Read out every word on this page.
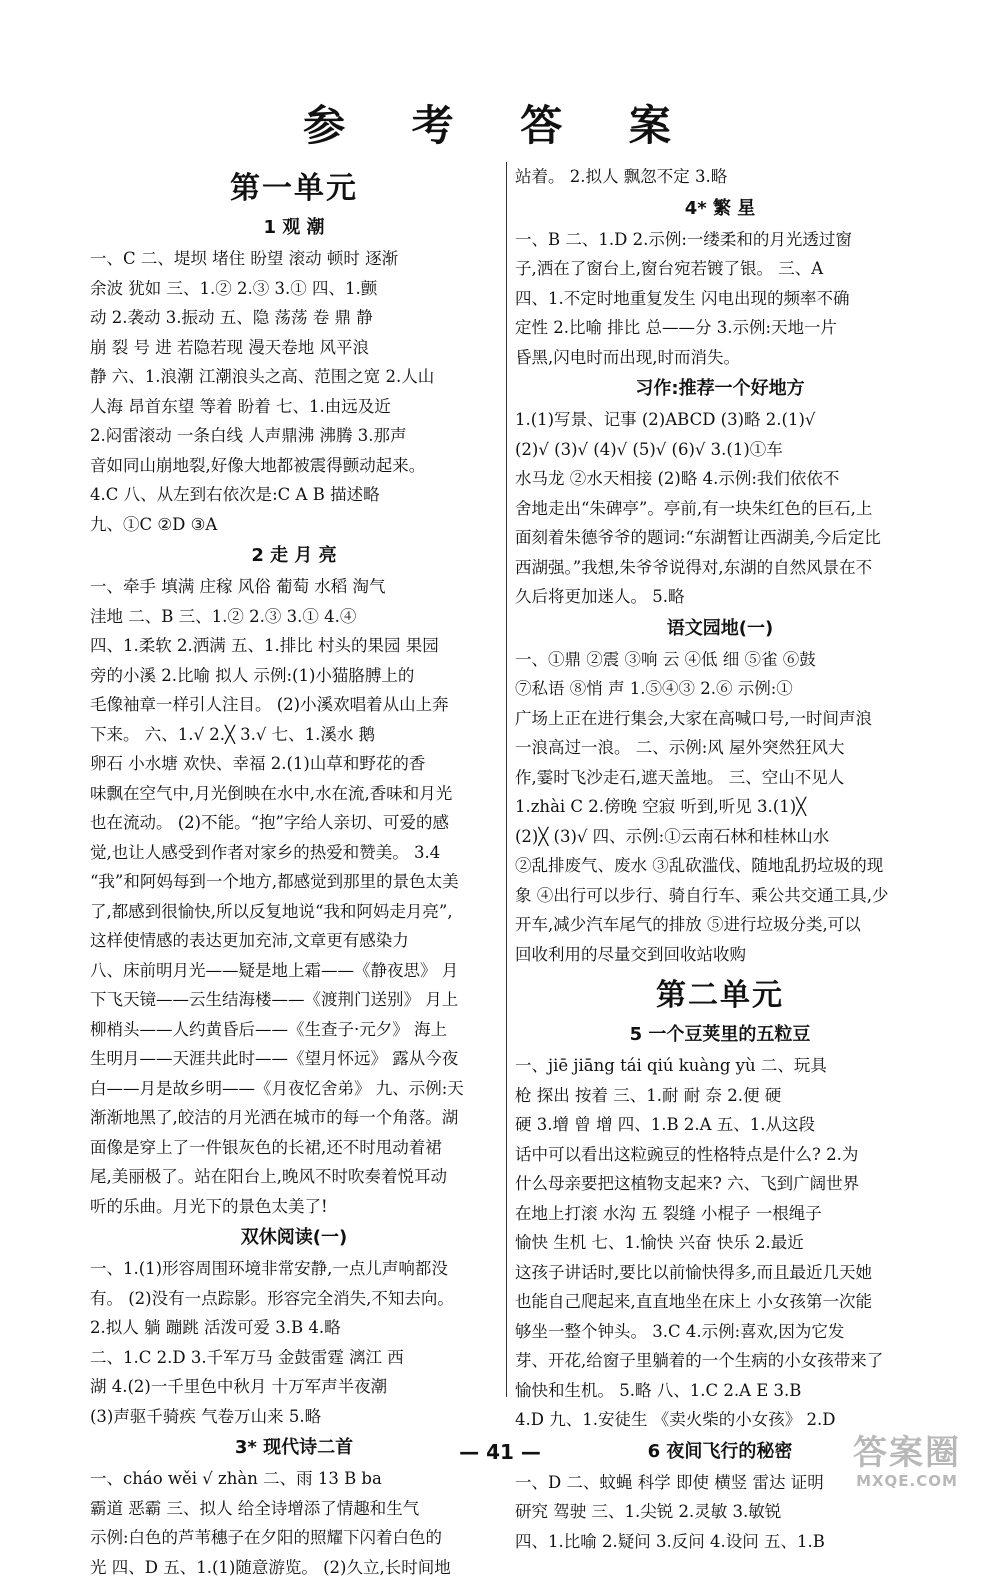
参 考 答 案
第一单元
1 观 潮
一、C 二、堤坝 堵住 盼望 滚动 顿时 逐渐
余波 犹如 三、1.② 2.③ 3.① 四、1.颤
动 2.袭动 3.振动 五、隐 荡荡 卷 鼎 静
崩 裂 号 进 若隐若现 漫天卷地 风平浪
静 六、1.浪潮 江潮浪头之高、范围之宽 2.人山
人海 昂首东望 等着 盼着 七、1.由远及近
2.闷雷滚动 一条白线 人声鼎沸 沸腾 3.那声
音如同山崩地裂,好像大地都被震得颤动起来。
4.C 八、从左到右依次是:C A B 描述略
九、①C ②D ③A
2 走 月 亮
一、牵手 填满 庄稼 风俗 葡萄 水稻 淘气
洼地 二、B 三、1.② 2.③ 3.① 4.④
四、1.柔软 2.洒满 五、1.排比 村头的果园 果园
旁的小溪 2.比喻 拟人 示例:(1)小猫胳膊上的
毛像袖章一样引人注目。 (2)小溪欢唱着从山上奔
下来。 六、1.√ 2.╳ 3.√ 七、1.溪水 鹅
卵石 小水塘 欢快、幸福 2.(1)山草和野花的香
味飘在空气中,月光倒映在水中,水在流,香味和月光
也在流动。 (2)不能。“抱”字给人亲切、可爱的感
觉,也让人感受到作者对家乡的热爱和赞美。 3.4
“我”和阿妈每到一个地方,都感觉到那里的景色太美
了,都感到很愉快,所以反复地说“我和阿妈走月亮”,
这样使情感的表达更加充沛,文章更有感染力
八、床前明月光——疑是地上霜——《静夜思》 月
下飞天镜——云生结海楼——《渡荆门送别》 月上
柳梢头——人约黄昏后——《生查子·元夕》 海上
生明月——天涯共此时——《望月怀远》 露从今夜
白——月是故乡明——《月夜忆舍弟》 九、示例:天
渐渐地黑了,皎洁的月光洒在城市的每一个角落。湖
面像是穿上了一件银灰色的长裙,还不时甩动着裙
尾,美丽极了。站在阳台上,晚风不时吹奏着悦耳动
听的乐曲。月光下的景色太美了!
双休阅读(一)
一、1.(1)形容周围环境非常安静,一点儿声响都没
有。 (2)没有一点踪影。形容完全消失,不知去向。
2.拟人 躺 蹦跳 活泼可爱 3.B 4.略
二、1.C 2.D 3.千军万马 金鼓雷霆 漓江 西
湖 4.(2)一千里色中秋月 十万军声半夜潮
(3)声驱千骑疾 气卷万山来 5.略
3* 现代诗二首
一、cháo wěi √ zhàn 二、雨 13 B ba
霸道 恶霸 三、拟人 给全诗增添了情趣和生气
示例:白色的芦苇穗子在夕阳的照耀下闪着白色的
光 四、D 五、1.(1)随意游览。 (2)久立,长时间地
站着。 2.拟人 飘忽不定 3.略
4* 繁 星
一、B 二、1.D 2.示例:一缕柔和的月光透过窗
子,洒在了窗台上,窗台宛若镀了银。 三、A
四、1.不定时地重复发生 闪电出现的频率不确
定性 2.比喻 排比 总——分 3.示例:天地一片
昏黑,闪电时而出现,时而消失。
习作:推荐一个好地方
1.(1)写景、记事 (2)ABCD (3)略 2.(1)√
(2)√ (3)√ (4)√ (5)√ (6)√ 3.(1)①车
水马龙 ②水天相接 (2)略 4.示例:我们依依不
舍地走出“朱碑亭”。亭前,有一块朱红色的巨石,上
面刻着朱德爷爷的题词:“东湖暂让西湖美,今后定比
西湖强。”我想,朱爷爷说得对,东湖的自然风景在不
久后将更加迷人。 5.略
语文园地(一)
一、①鼎 ②震 ③响 云 ④低 细 ⑤雀 ⑥鼓
⑦私语 ⑧悄 声 1.⑤④③ 2.⑥ 示例:①
广场上正在进行集会,大家在高喊口号,一时间声浪
一浪高过一浪。 二、示例:风 屋外突然狂风大
作,霎时飞沙走石,遮天盖地。 三、空山不见人
1.zhài C 2.傍晚 空寂 听到,听见 3.(1)╳
(2)╳ (3)√ 四、示例:①云南石林和桂林山水
②乱排废气、废水 ③乱砍滥伐、随地乱扔垃圾的现
象 ④出行可以步行、骑自行车、乘公共交通工具,少
开车,减少汽车尾气的排放 ⑤进行垃圾分类,可以
回收利用的尽量交到回收站收购
第二单元
5 一个豆荚里的五粒豆
一、jiē jiāng tái qiú kuàng yù 二、玩具
枪 探出 按着 三、1.耐 耐 奈 2.便 硬
硬 3.增 曾 增 四、1.B 2.A 五、1.从这段
话中可以看出这粒豌豆的性格特点是什么? 2.为
什么母亲要把这植物支起来? 六、飞到广阔世界
在地上打滚 水沟 五 裂缝 小棍子 一根绳子
愉快 生机 七、1.愉快 兴奋 快乐 2.最近
这孩子讲话时,要比以前愉快得多,而且最近几天她
也能自己爬起来,直直地坐在床上 小女孩第一次能
够坐一整个钟头。 3.C 4.示例:喜欢,因为它发
芽、开花,给窗子里躺着的一个生病的小女孩带来了
愉快和生机。 5.略 八、1.C 2.A E 3.B
4.D 九、1.安徒生 《卖火柴的小女孩》 2.D
6 夜间飞行的秘密
一、D 二、蚊蝇 科学 即使 横竖 雷达 证明
研究 驾驶 三、1.尖锐 2.灵敏 3.敏锐
四、1.比喻 2.疑问 3.反问 4.设问 五、1.B
— 41 —	答案圈
MXQE.COM
